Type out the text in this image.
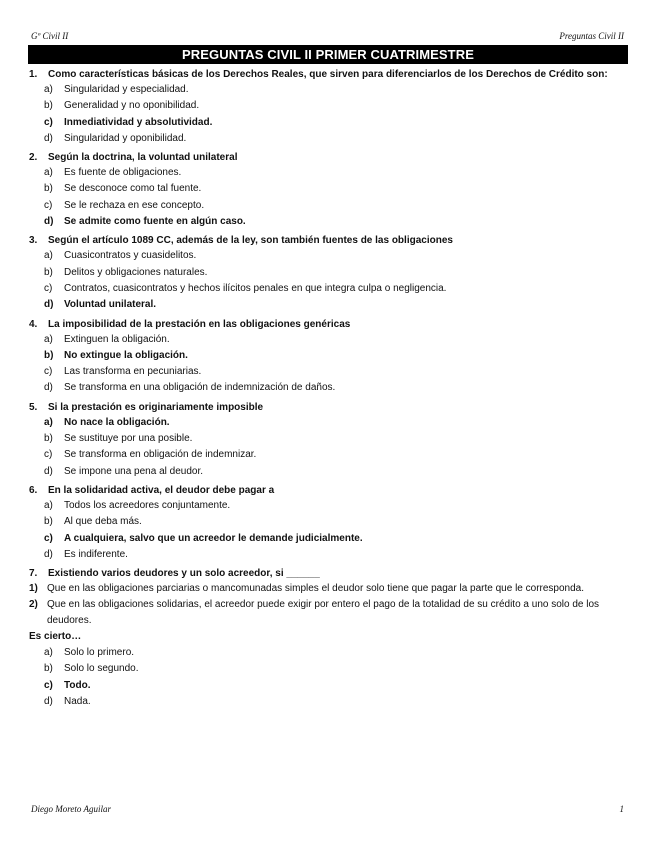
Gº Civil II	Preguntas Civil II
PREGUNTAS CIVIL II PRIMER CUATRIMESTRE
1.	Como características básicas de los Derechos Reales, que sirven para diferenciarlos de los Derechos de Crédito son:
a)	Singularidad y especialidad.
b)	Generalidad y no oponibilidad.
c)	Inmediatividad y absolutividad.
d)	Singularidad y oponibilidad.
2.	Según la doctrina, la voluntad unilateral
a)	Es fuente de obligaciones.
b)	Se desconoce como tal fuente.
c)	Se le rechaza en ese concepto.
d)	Se admite como fuente en algún caso.
3.	Según el artículo 1089 CC, además de la ley, son también fuentes de las obligaciones
a)	Cuasicontratos y cuasidelitos.
b)	Delitos y obligaciones naturales.
c)	Contratos, cuasicontratos y hechos ilícitos penales en que integra culpa o negligencia.
d)	Voluntad unilateral.
4.	La imposibilidad de la prestación en las obligaciones genéricas
a)	Extinguen la obligación.
b)	No extingue la obligación.
c)	Las transforma en pecuniarias.
d)	Se transforma en una obligación de indemnización de daños.
5.	Si la prestación es originariamente imposible
a)	No nace la obligación.
b)	Se sustituye por una posible.
c)	Se transforma en obligación de indemnizar.
d)	Se impone una pena al deudor.
6.	En la solidaridad activa, el deudor debe pagar a
a)	Todos los acreedores conjuntamente.
b)	Al que deba más.
c)	A cualquiera, salvo que un acreedor le demande judicialmente.
d)	Es indiferente.
7.	Existiendo varios deudores y un solo acreedor, si ______
1) Que en las obligaciones parciarias o mancomunadas simples el deudor solo tiene que pagar la parte que le corresponda.
2) Que en las obligaciones solidarias, el acreedor puede exigir por entero el pago de la totalidad de su crédito a uno solo de los deudores.
Es cierto…
a)	Solo lo primero.
b)	Solo lo segundo.
c)	Todo.
d)	Nada.
Diego Moreto Aguilar	1
